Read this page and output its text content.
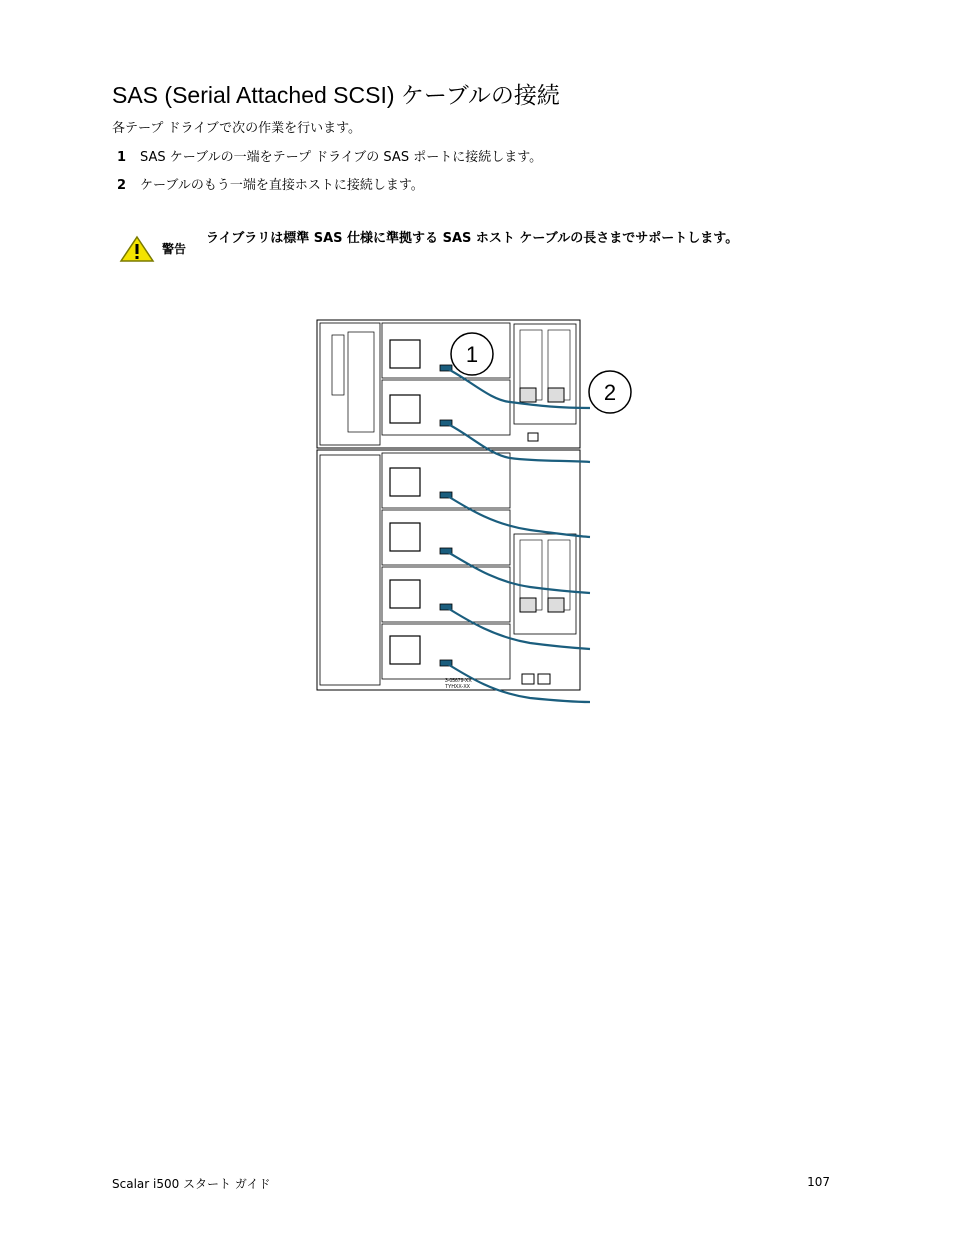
SAS (Serial Attached SCSI) ケーブルの接続
各テープ ドライブで次の作業を行います。
1 SAS ケーブルの一端をテープ ドライブの SAS ポートに接続します。
2 ケーブルのもう一端を直接ホストに接続します。
警告
ライブラリは標準 SAS 仕様に準拠する SAS ホスト ケーブルの長さまでサポートします。
1
2
3-05679-XX
TYHXX-XX
Scalar i500 スタート ガイド	107
